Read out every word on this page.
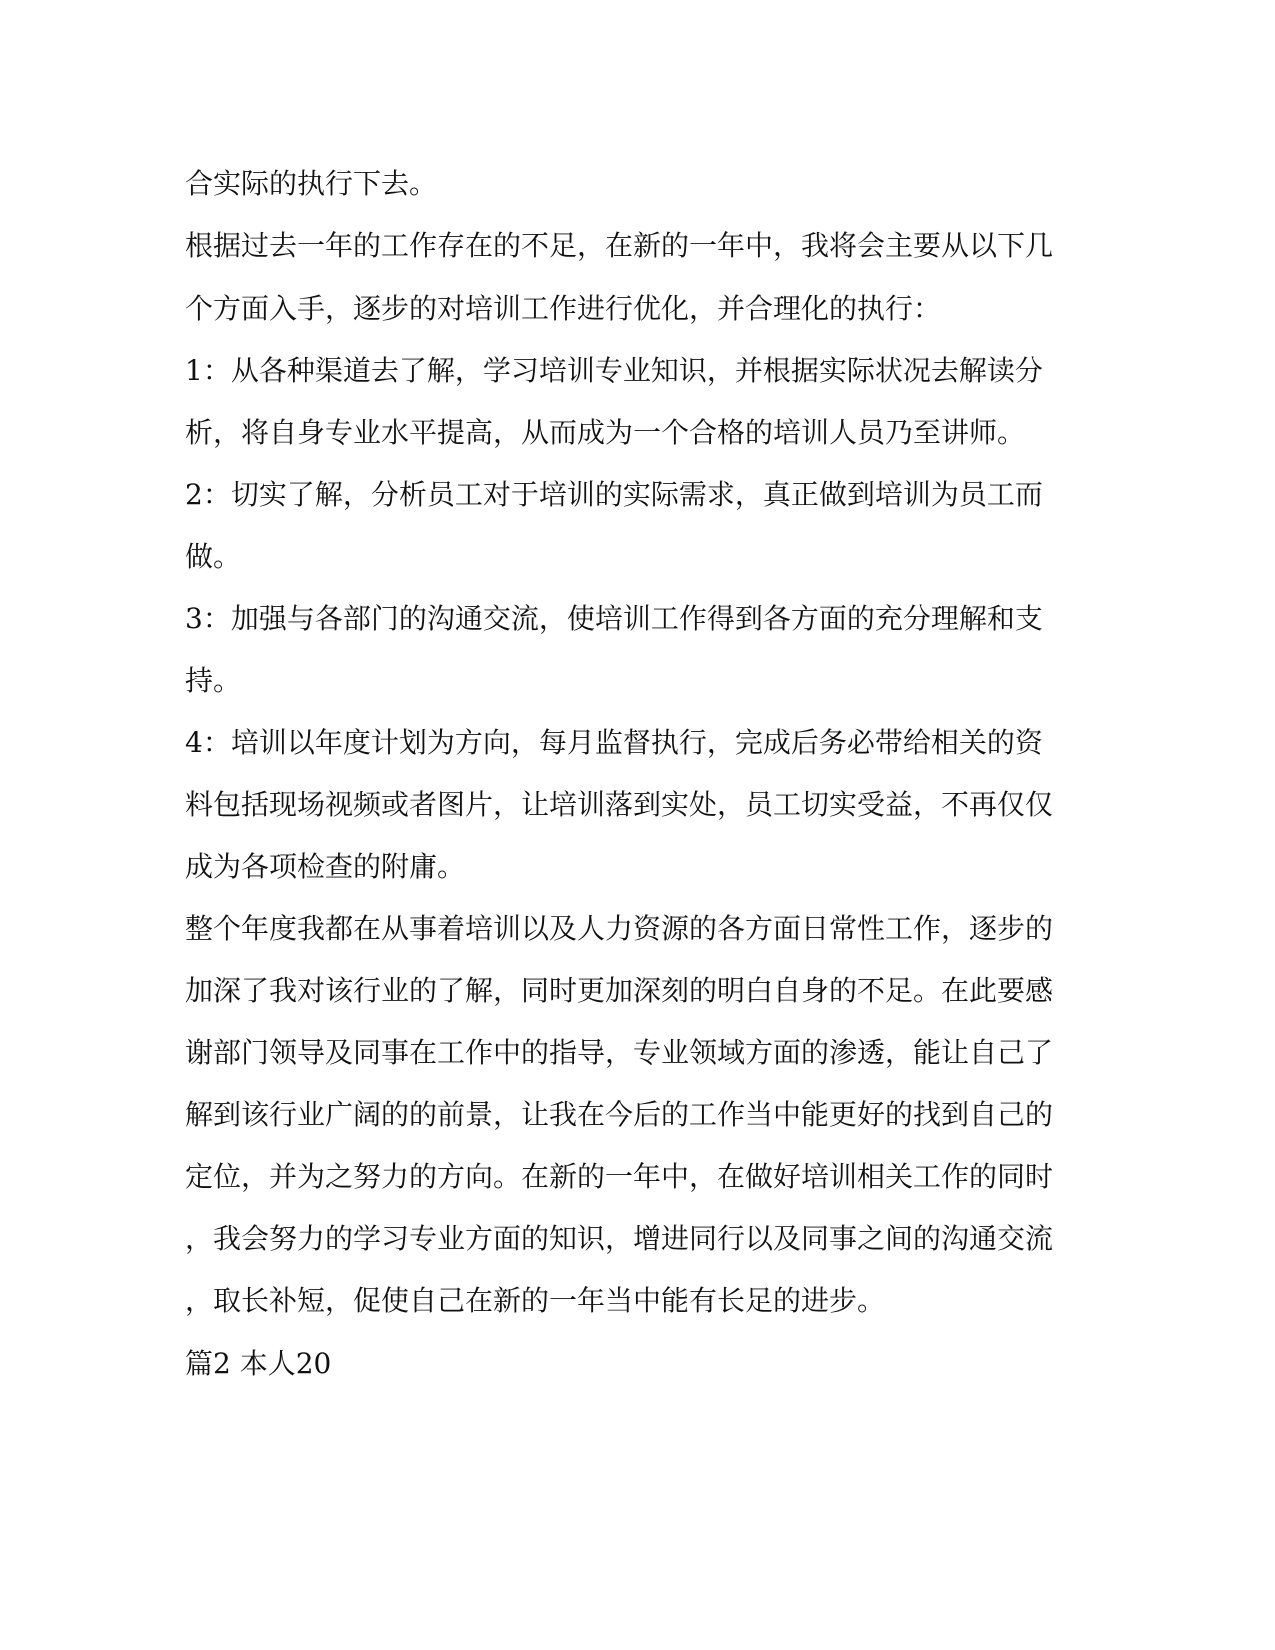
合实际的执行下去。
根据过去一年的工作存在的不足，在新的一年中，我将会主要从以下几
个方面入手，逐步的对培训工作进行优化，并合理化的执行：
1：从各种渠道去了解，学习培训专业知识，并根据实际状况去解读分
析，将自身专业水平提高，从而成为一个合格的培训人员乃至讲师。
2：切实了解，分析员工对于培训的实际需求，真正做到培训为员工而
做。
3：加强与各部门的沟通交流，使培训工作得到各方面的充分理解和支
持。
4：培训以年度计划为方向，每月监督执行，完成后务必带给相关的资
料包括现场视频或者图片，让培训落到实处，员工切实受益，不再仅仅
成为各项检查的附庸。
整个年度我都在从事着培训以及人力资源的各方面日常性工作，逐步的
加深了我对该行业的了解，同时更加深刻的明白自身的不足。在此要感
谢部门领导及同事在工作中的指导，专业领域方面的渗透，能让自己了
解到该行业广阔的的前景，让我在今后的工作当中能更好的找到自己的
定位，并为之努力的方向。在新的一年中，在做好培训相关工作的同时
，我会努力的学习专业方面的知识，增进同行以及同事之间的沟通交流
，取长补短，促使自己在新的一年当中能有长足的进步。
篇2 本人20
